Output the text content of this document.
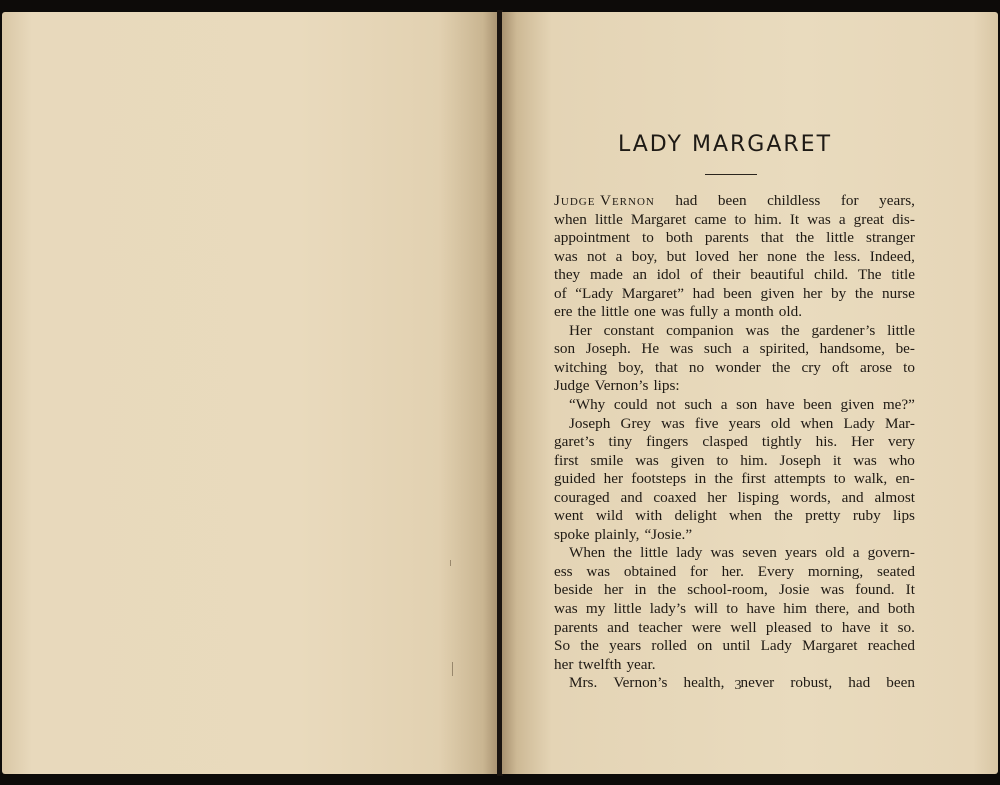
LADY MARGARET
Judge Vernon had been childless for years,
when little Margaret came to him. It was a great dis-
appointment to both parents that the little stranger
was not a boy, but loved her none the less. Indeed,
they made an idol of their beautiful child. The title
of “Lady Margaret” had been given her by the nurse
ere the little one was fully a month old.
Her constant companion was the gardener’s little
son Joseph. He was such a spirited, handsome, be-
witching boy, that no wonder the cry oft arose to
Judge Vernon’s lips:
“Why could not such a son have been given me?”
Joseph Grey was five years old when Lady Mar-
garet’s tiny fingers clasped tightly his. Her very
first smile was given to him. Joseph it was who
guided her footsteps in the first attempts to walk, en-
couraged and coaxed her lisping words, and almost
went wild with delight when the pretty ruby lips
spoke plainly, “Josie.”
When the little lady was seven years old a govern-
ess was obtained for her. Every morning, seated
beside her in the school-room, Josie was found. It
was my little lady’s will to have him there, and both
parents and teacher were well pleased to have it so.
So the years rolled on until Lady Margaret reached
her twelfth year.
Mrs. Vernon’s health, never robust, had been
3
